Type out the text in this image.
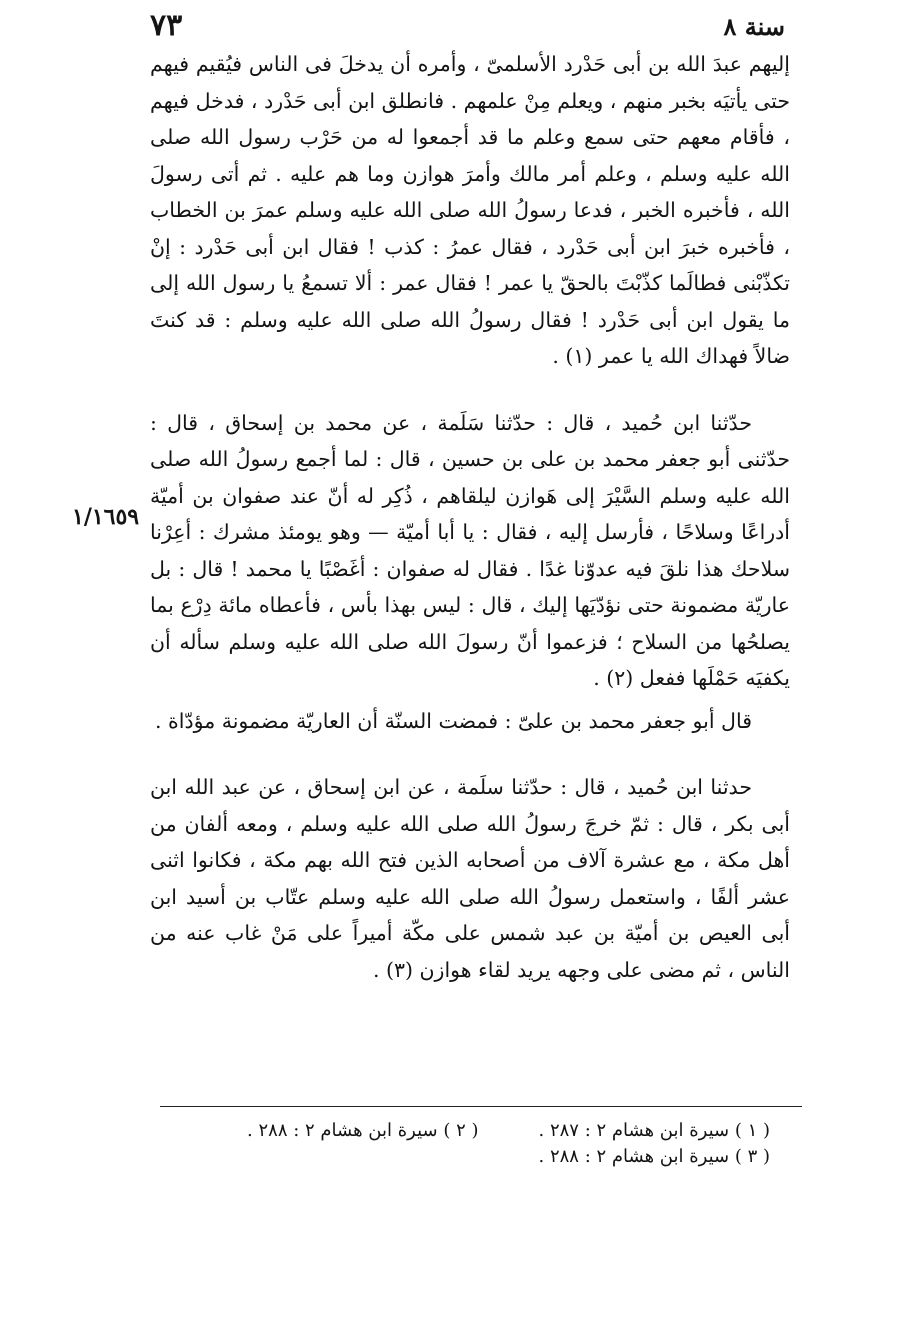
٧٣	سنة ٨
١/١٦٥٩

إليهم عبدَ الله بن أبى حَدْرد الأسلمىّ ، وأمره أن يدخلَ فى الناس فيُقيم فيهم حتى يأتيَه بخبر منهم ، ويعلم مِنْ علمهم . فانطلق ابن أبى حَدْرد ، فدخل فيهم ، فأقام معهم حتى سمع وعلم ما قد أجمعوا له من حَرْب رسول الله صلى الله عليه وسلم ، وعلم أمر مالك وأمرَ هوازن وما هم عليه . ثم أتى رسولَ الله ، فأخبره الخبر ، فدعا رسولُ الله صلى الله عليه وسلم عمرَ بن الخطاب ، فأخبره خبرَ ابن أبى حَدْرد ، فقال عمرُ : كذب ! فقال ابن أبى حَدْرد : إنْ تكذّبْنى فطالَما كذّبْتَ بالحقّ يا عمر ! فقال عمر : ألا تسمعُ يا رسول الله إلى ما يقول ابن أبى حَدْرد ! فقال رسولُ الله صلى الله عليه وسلم : قد كنتَ ضالاً فهداك الله يا عمر (١) .

حدّثنا ابن حُميد ، قال : حدّثنا سَلَمة ، عن محمد بن إسحاق ، قال : حدّثنى أبو جعفر محمد بن على بن حسين ، قال : لما أجمع رسولُ الله صلى الله عليه وسلم السَّيْرَ إلى هَوازن ليلقاهم ، ذُكِر له أنّ عند صفوان بن أميّة أدراعًا وسلاحًا ، فأرسل إليه ، فقال : يا أبا أميّة — وهو يومئذ مشرك : أعِرْنا سلاحك هذا نلقَ فيه عدوّنا غدًا . فقال له صفوان : أغَصْبًا يا محمد ! قال : بل عاريّة مضمونة حتى نؤدّيَها إليك ، قال : ليس بهذا بأس ، فأعطاه مائة دِرْع بما يصلحُها من السلاح ؛ فزعموا أنّ رسولَ الله صلى الله عليه وسلم سأله أن يكفيَه حَمْلَها ففعل (٢) .

قال أبو جعفر محمد بن علىّ : فمضت السنّة أن العاريّة مضمونة مؤدّاة .

حدثنا ابن حُميد ، قال : حدّثنا سلَمة ، عن ابن إسحاق ، عن عبد الله ابن أبى بكر ، قال : ثمّ خرجَ رسولُ الله صلى الله عليه وسلم ، ومعه ألفان من أهل مكة ، مع عشرة آلاف من أصحابه الذين فتح الله بهم مكة ، فكانوا اثنى عشر ألفًا ، واستعمل رسولُ الله صلى الله عليه وسلم عتّاب بن أسيد ابن أبى العيص بن أميّة بن عبد شمس على مكّة أميراً على مَنْ غاب عنه من الناس ، ثم مضى على وجهه يريد لقاء هوازن (٣) .

( ١ ) سيرة ابن هشام ٢ : ٢٨٧ .
( ٢ ) سيرة ابن هشام ٢ : ٢٨٨ .
( ٣ ) سيرة ابن هشام ٢ : ٢٨٨ .
